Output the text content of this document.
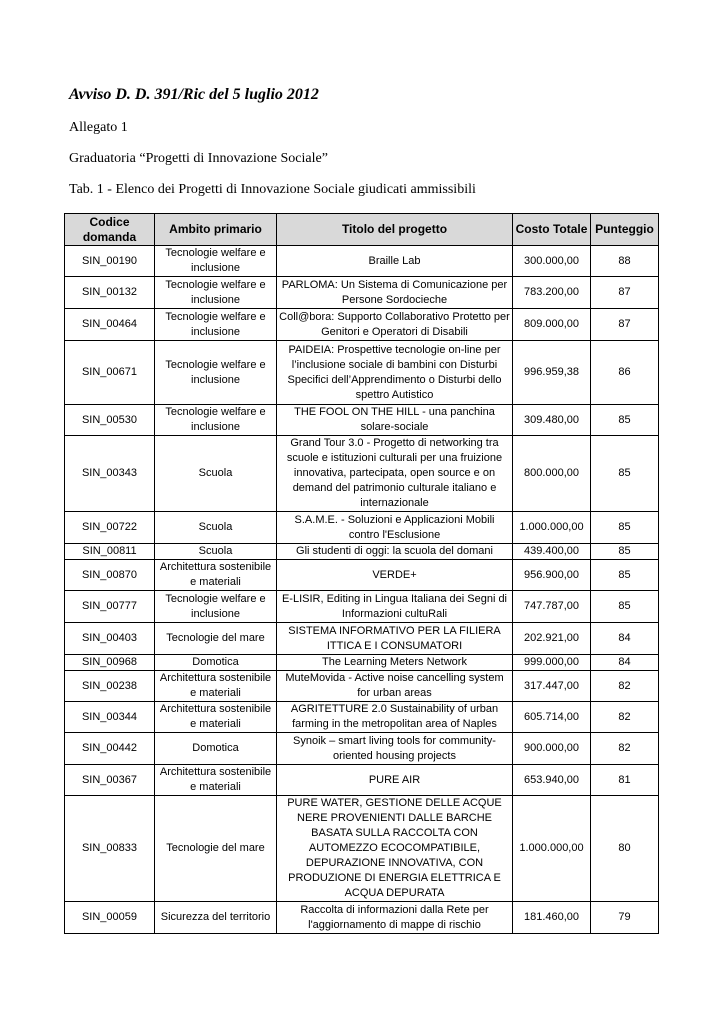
Avviso D. D. 391/Ric del 5 luglio 2012

Allegato 1

Graduatoria “Progetti di Innovazione Sociale”

Tab. 1 - Elenco dei Progetti di Innovazione Sociale giudicati ammissibili

Codice domanda	Ambito primario	Titolo del progetto	Costo Totale	Punteggio
SIN_00190	Tecnologie welfare e inclusione	Braille Lab	300.000,00	88
SIN_00132	Tecnologie welfare e inclusione	PARLOMA: Un Sistema di Comunicazione per Persone Sordocieche	783.200,00	87
SIN_00464	Tecnologie welfare e inclusione	Coll@bora: Supporto Collaborativo Protetto per Genitori e Operatori di Disabili	809.000,00	87
SIN_00671	Tecnologie welfare e inclusione	PAIDEIA: Prospettive tecnologie on-line per l’inclusione sociale di bambini con Disturbi Specifici dell’Apprendimento o Disturbi dello spettro Autistico	996.959,38	86
SIN_00530	Tecnologie welfare e inclusione	THE FOOL ON THE HILL - una panchina solare-sociale	309.480,00	85
SIN_00343	Scuola	Grand Tour 3.0 - Progetto di networking tra scuole e istituzioni culturali per una fruizione innovativa, partecipata, open source e on demand del patrimonio culturale italiano e internazionale	800.000,00	85
SIN_00722	Scuola	S.A.M.E. - Soluzioni e Applicazioni Mobili contro l'Esclusione	1.000.000,00	85
SIN_00811	Scuola	Gli studenti di oggi: la scuola del domani	439.400,00	85
SIN_00870	Architettura sostenibile e materiali	VERDE+	956.900,00	85
SIN_00777	Tecnologie welfare e inclusione	E-LISIR, Editing in Lingua Italiana dei Segni di Informazioni cultuRali	747.787,00	85
SIN_00403	Tecnologie del mare	SISTEMA INFORMATIVO PER LA FILIERA ITTICA E I CONSUMATORI	202.921,00	84
SIN_00968	Domotica	The Learning Meters Network	999.000,00	84
SIN_00238	Architettura sostenibile e materiali	MuteMovida - Active noise cancelling system for urban areas	317.447,00	82
SIN_00344	Architettura sostenibile e materiali	AGRITETTURE 2.0 Sustainability of urban farming in the metropolitan area of Naples	605.714,00	82
SIN_00442	Domotica	Synoik – smart living tools for community-oriented housing projects	900.000,00	82
SIN_00367	Architettura sostenibile e materiali	PURE AIR	653.940,00	81
SIN_00833	Tecnologie del mare	PURE WATER, GESTIONE DELLE ACQUE NERE PROVENIENTI DALLE BARCHE BASATA SULLA RACCOLTA CON AUTOMEZZO ECOCOMPATIBILE, DEPURAZIONE INNOVATIVA, CON PRODUZIONE DI ENERGIA ELETTRICA E ACQUA DEPURATA	1.000.000,00	80
SIN_00059	Sicurezza del territorio	Raccolta di informazioni dalla Rete per l'aggiornamento di mappe di rischio	181.460,00	79
